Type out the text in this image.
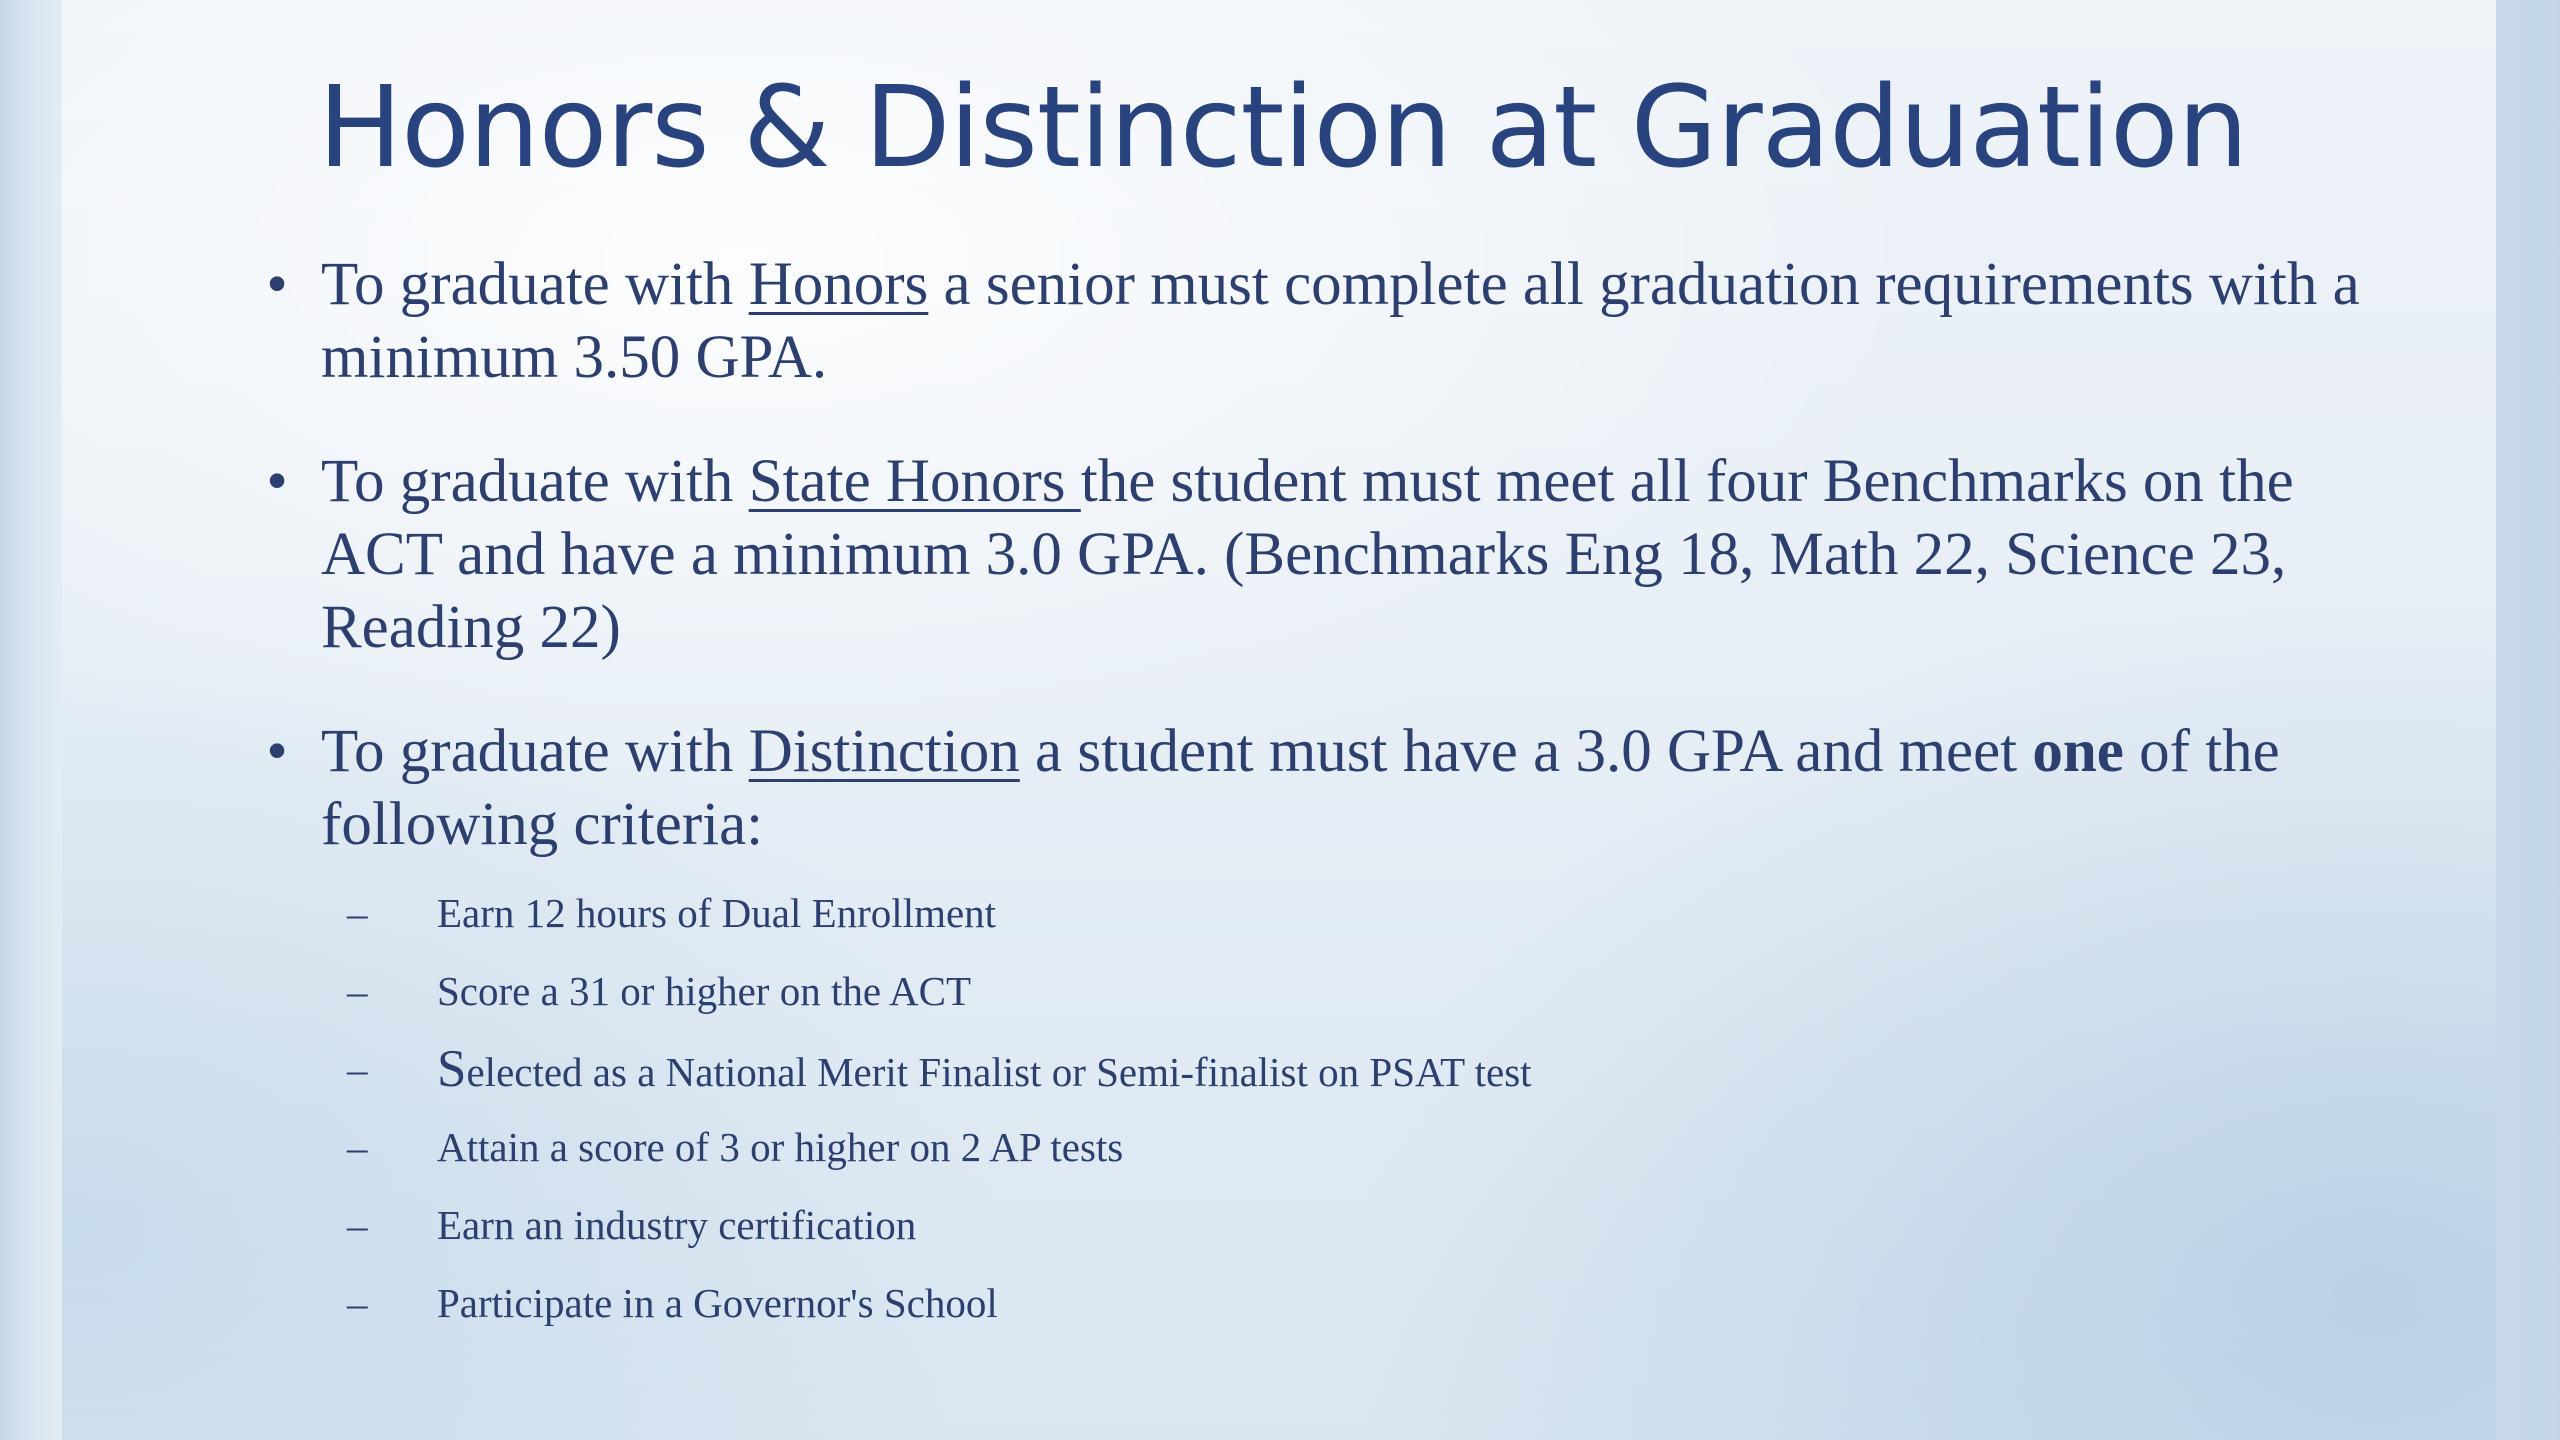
Honors & Distinction at Graduation
• To graduate with Honors a senior must complete all graduation requirements with a minimum 3.50 GPA.
• To graduate with State Honors the student must meet all four Benchmarks on the ACT and have a minimum 3.0 GPA. (Benchmarks Eng 18, Math 22, Science 23, Reading 22)
• To graduate with Distinction a student must have a 3.0 GPA and meet one of the following criteria:
– Earn 12 hours of Dual Enrollment
– Score a 31 or higher on the ACT
– Selected as a National Merit Finalist or Semi-finalist on PSAT test
– Attain a score of 3 or higher on 2 AP tests
– Earn an industry certification
– Participate in a Governor's School
